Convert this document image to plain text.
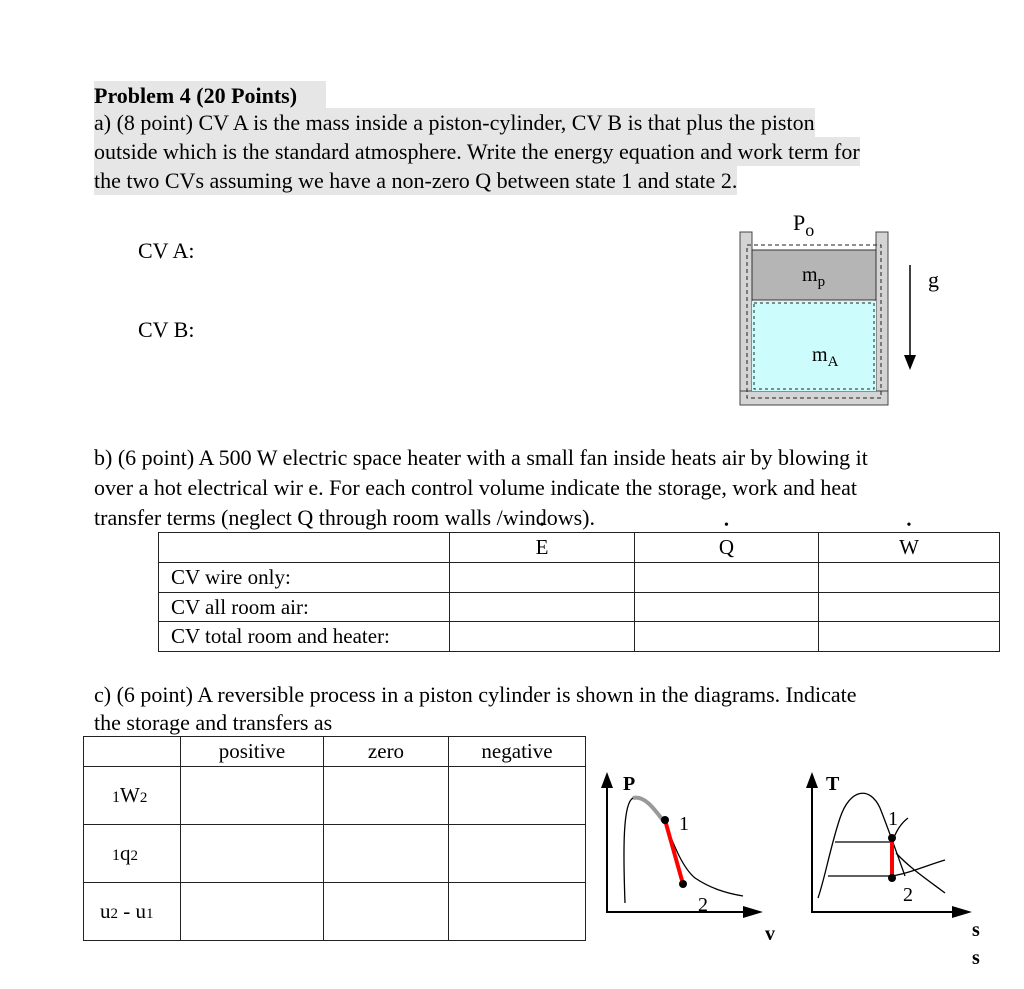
Problem 4 (20 Points)
a) (8 point) CV A is the mass inside a piston-cylinder, CV B is that plus the piston
outside which is the standard atmosphere. Write the energy equation and work term for
the two CVs assuming we have a non-zero Q between state 1 and state 2.
CV A:
CV B:
$P_o$
$m_p$
$m_A$
g
b) (6 point) A 500 W electric space heater with a small fan inside heats air by blowing it
over a hot electrical wir e. For each control volume indicate the storage, work and heat
transfer terms (neglect Q through room walls /windows).
	• E	• Q	• W
CV wire only:			
CV all room air:			
CV total room and heater:			
c) (6 point) A reversible process in a piston cylinder is shown in the diagrams. Indicate
the storage and transfers as
	positive	zero	negative
1W2			
1q2			
u2 - u1			
P
v
1
2
T
s
s
1
2
